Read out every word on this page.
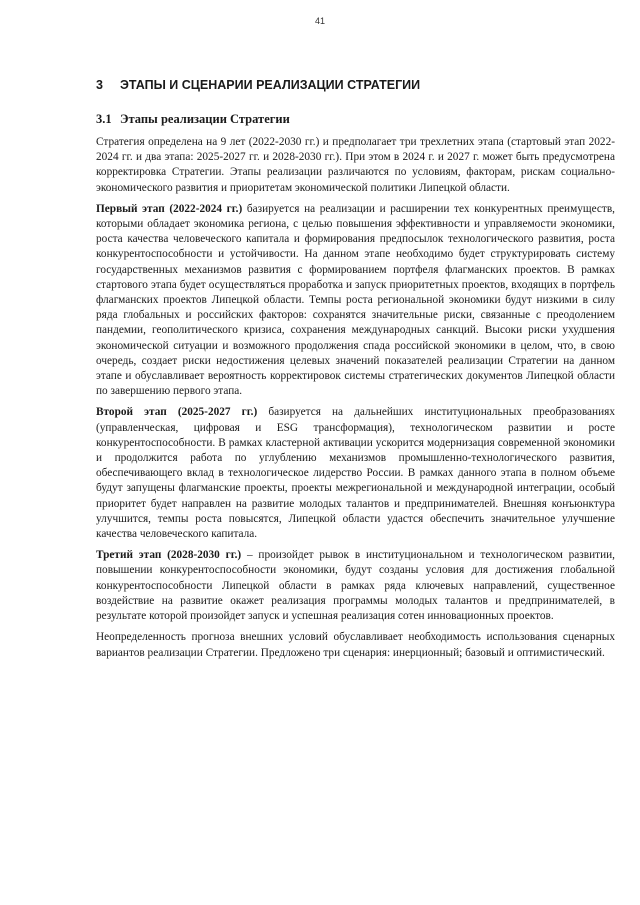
41
3	ЭТАПЫ И СЦЕНАРИИ РЕАЛИЗАЦИИ СТРАТЕГИИ
3.1 Этапы реализации Стратегии

Стратегия определена на 9 лет (2022-2030 гг.) и предполагает три трехлетних этапа (стартовый этап 2022-2024 гг. и два этапа: 2025-2027 гг. и 2028-2030 гг.). При этом в 2024 г. и 2027 г. может быть предусмотрена корректировка Стратегии. Этапы реализации различаются по условиям, факторам, рискам социально-экономического развития и приоритетам экономической политики Липецкой области.

Первый этап (2022-2024 гг.) базируется на реализации и расширении тех конкурентных преимуществ, которыми обладает экономика региона, с целью повышения эффективности и управляемости экономики, роста качества человеческого капитала и формирования предпосылок технологического развития, роста конкурентоспособности и устойчивости. На данном этапе необходимо будет структурировать систему государственных механизмов развития с формированием портфеля флагманских проектов. В рамках стартового этапа будет осуществляться проработка и запуск приоритетных проектов, входящих в портфель флагманских проектов Липецкой области. Темпы роста региональной экономики будут низкими в силу ряда глобальных и российских факторов: сохранятся значительные риски, связанные с преодолением пандемии, геополитического кризиса, сохранения международных санкций. Высоки риски ухудшения экономической ситуации и возможного продолжения спада российской экономики в целом, что, в свою очередь, создает риски недостижения целевых значений показателей реализации Стратегии на данном этапе и обуславливает вероятность корректировок системы стратегических документов Липецкой области по завершению первого этапа.

Второй этап (2025-2027 гг.) базируется на дальнейших институциональных преобразованиях (управленческая, цифровая и ESG трансформация), технологическом развитии и росте конкурентоспособности. В рамках кластерной активации ускорится модернизация современной экономики и продолжится работа по углублению механизмов промышленно-технологического развития, обеспечивающего вклад в технологическое лидерство России. В рамках данного этапа в полном объеме будут запущены флагманские проекты, проекты межрегиональной и международной интеграции, особый приоритет будет направлен на развитие молодых талантов и предпринимателей. Внешняя конъюнктура улучшится, темпы роста повысятся, Липецкой области удастся обеспечить значительное улучшение качества человеческого капитала.

Третий этап (2028-2030 гг.) – произойдет рывок в институциональном и технологическом развитии, повышении конкурентоспособности экономики, будут созданы условия для достижения глобальной конкурентоспособности Липецкой области в рамках ряда ключевых направлений, существенное воздействие на развитие окажет реализация программы молодых талантов и предпринимателей, в результате которой произойдет запуск и успешная реализация сотен инновационных проектов.

Неопределенность прогноза внешних условий обуславливает необходимость использования сценарных вариантов реализации Стратегии. Предложено три сценария: инерционный; базовый и оптимистический.
